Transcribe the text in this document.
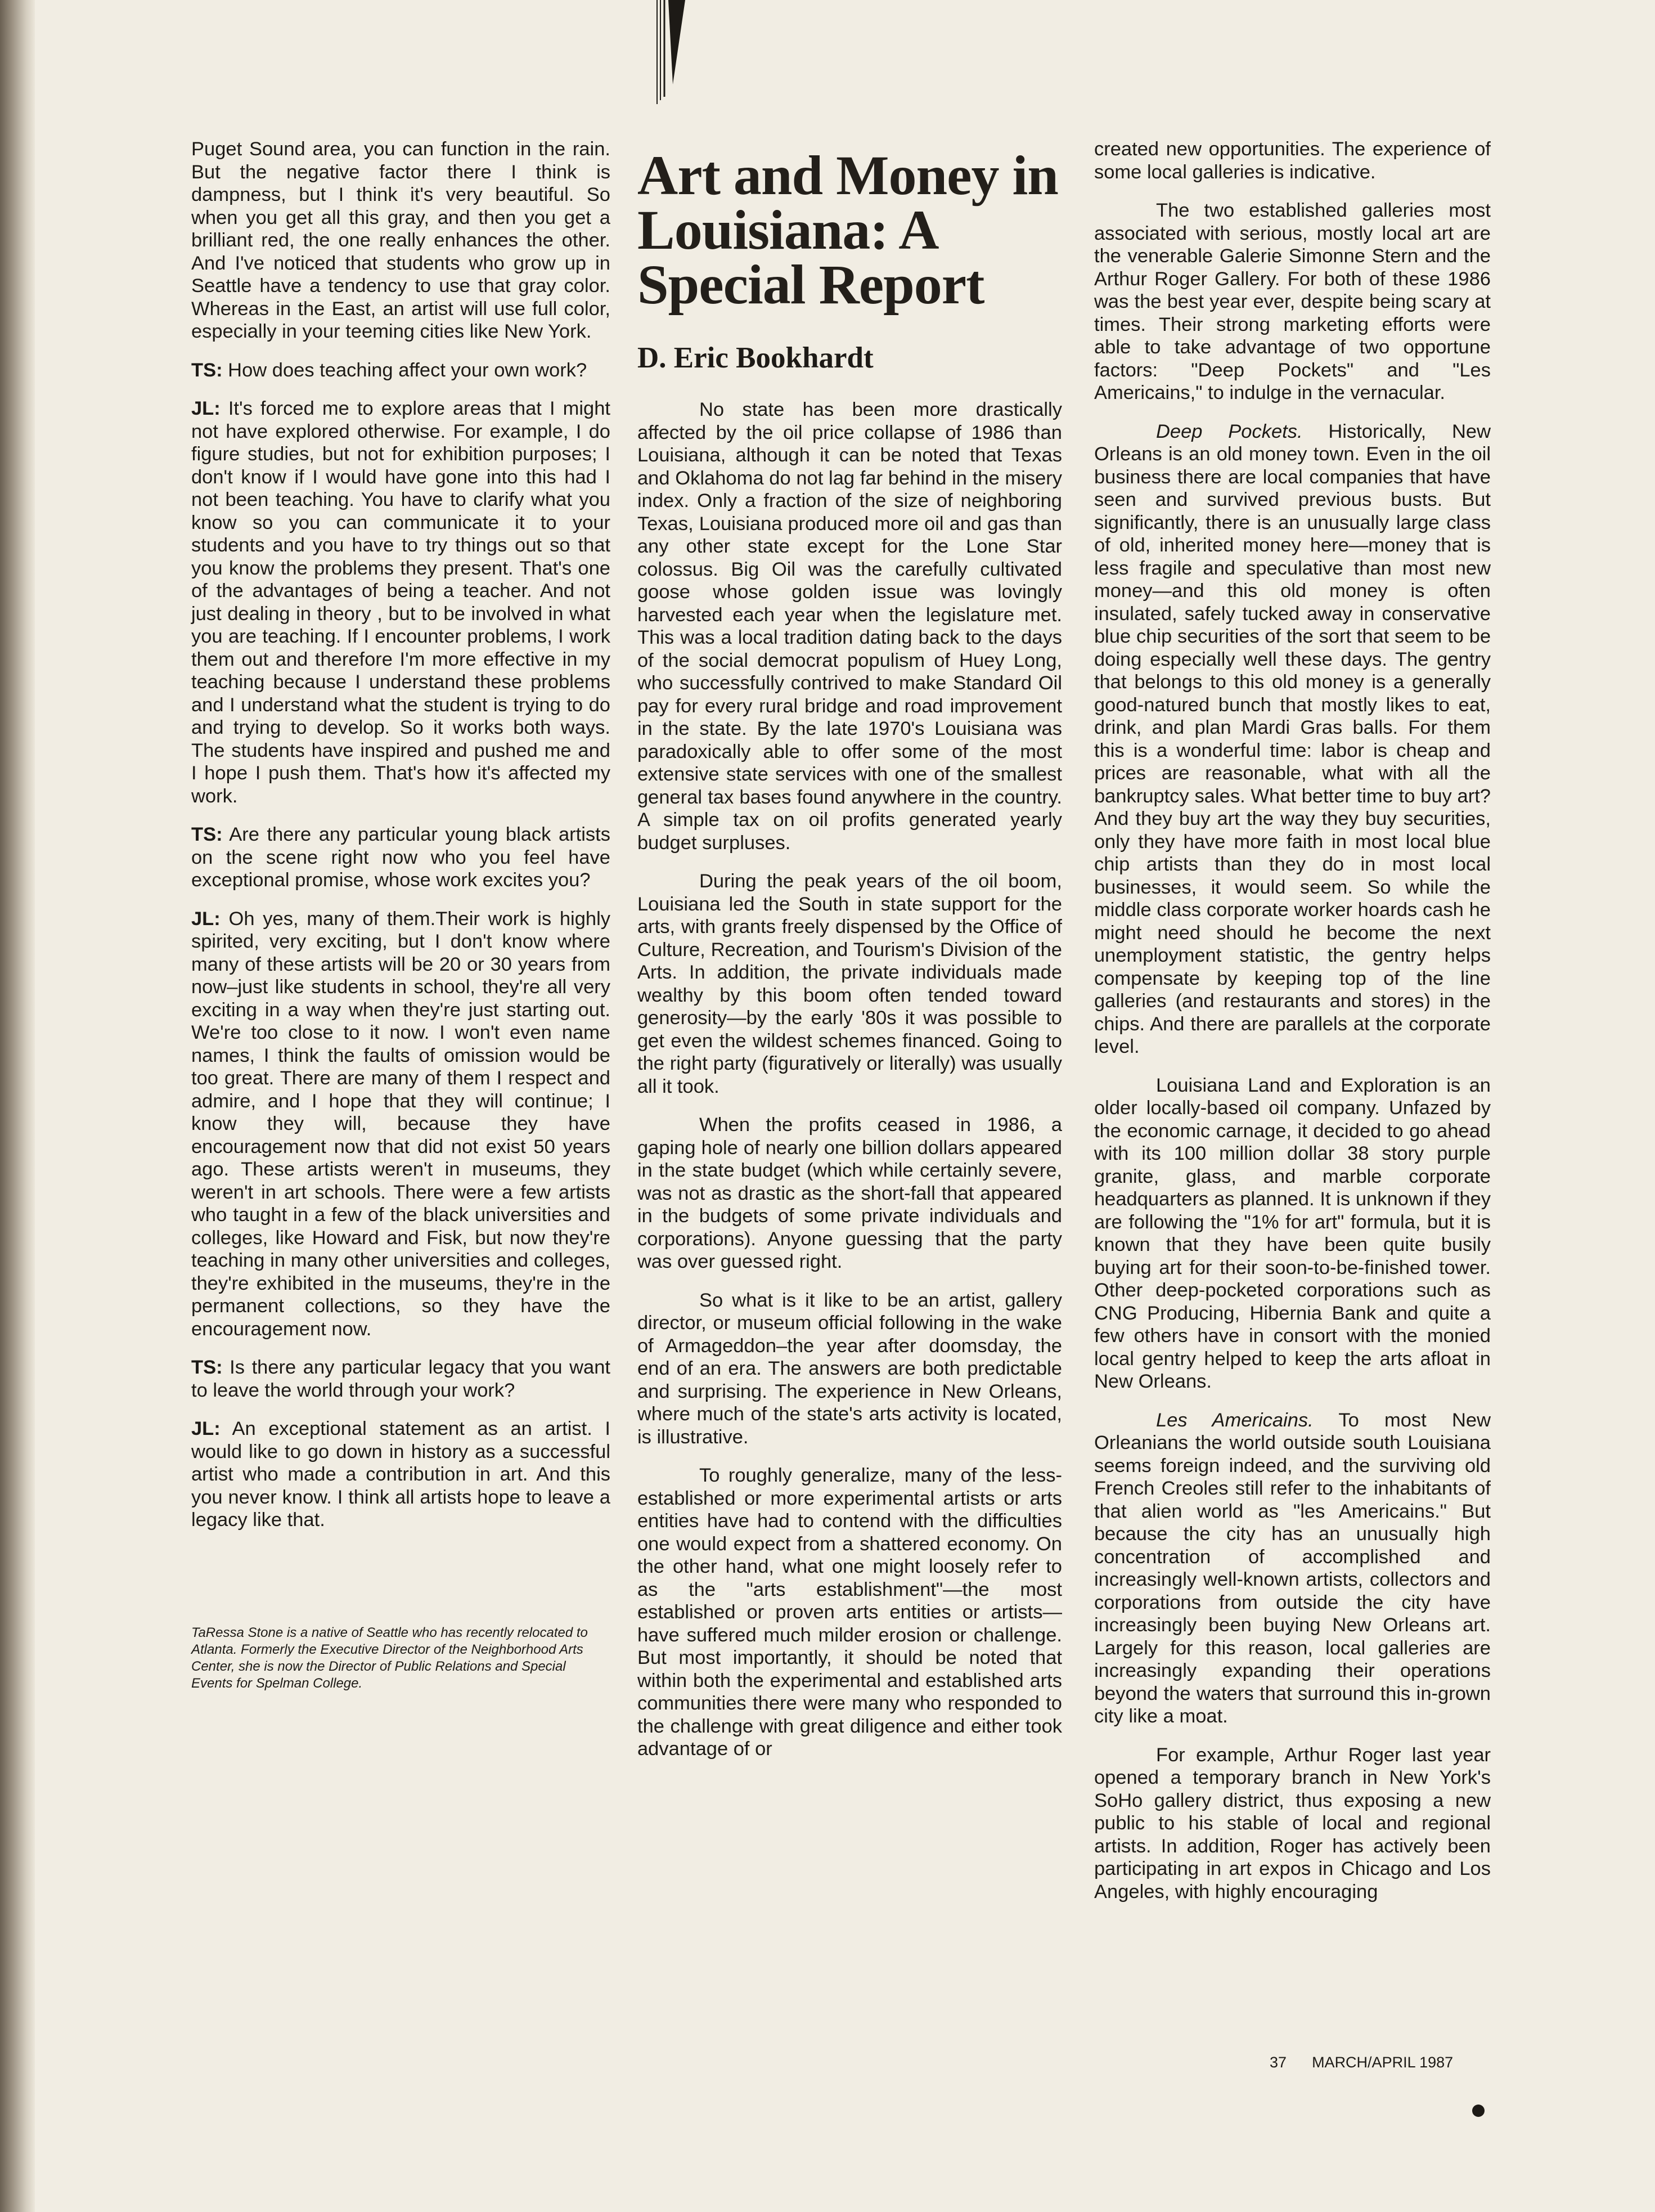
Puget Sound area, you can function in the rain. But the negative factor there I think is dampness, but I think it's very beautiful. So when you get all this gray, and then you get a brilliant red, the one really enhances the other. And I've noticed that students who grow up in Seattle have a tendency to use that gray color. Whereas in the East, an artist will use full color, especially in your teeming cities like New York.

TS: How does teaching affect your own work?

JL: It's forced me to explore areas that I might not have explored otherwise. For example, I do figure studies, but not for exhibition purposes; I don't know if I would have gone into this had I not been teaching. You have to clarify what you know so you can communicate it to your students and you have to try things out so that you know the problems they present. That's one of the advantages of being a teacher. And not just dealing in theory , but to be involved in what you are teaching. If I encounter problems, I work them out and therefore I'm more effective in my teaching because I understand these problems and I understand what the student is trying to do and trying to develop. So it works both ways. The students have inspired and pushed me and I hope I push them. That's how it's affected my work.

TS: Are there any particular young black artists on the scene right now who you feel have exceptional promise, whose work excites you?

JL: Oh yes, many of them.Their work is highly spirited, very exciting, but I don't know where many of these artists will be 20 or 30 years from now–just like students in school, they're all very exciting in a way when they're just starting out. We're too close to it now. I won't even name names, I think the faults of omission would be too great. There are many of them I respect and admire, and I hope that they will continue; I know they will, because they have encouragement now that did not exist 50 years ago. These artists weren't in museums, they weren't in art schools. There were a few artists who taught in a few of the black universities and colleges, like Howard and Fisk, but now they're teaching in many other universities and colleges, they're exhibited in the museums, they're in the permanent collections, so they have the encouragement now.

TS: Is there any particular legacy that you want to leave the world through your work?

JL: An exceptional statement as an artist. I would like to go down in history as a successful artist who made a contribution in art. And this you never know. I think all artists hope to leave a legacy like that.

TaRessa Stone is a native of Seattle who has recently relocated to Atlanta. Formerly the Executive Director of the Neighborhood Arts Center, she is now the Director of Public Relations and Special Events for Spelman College.

Art and Money in Louisiana: A Special Report
D. Eric Bookhardt

No state has been more drastically affected by the oil price collapse of 1986 than Louisiana, although it can be noted that Texas and Oklahoma do not lag far behind in the misery index. Only a fraction of the size of neighboring Texas, Louisiana produced more oil and gas than any other state except for the Lone Star colossus. Big Oil was the carefully cultivated goose whose golden issue was lovingly harvested each year when the legislature met. This was a local tradition dating back to the days of the social democrat populism of Huey Long, who successfully contrived to make Standard Oil pay for every rural bridge and road improvement in the state. By the late 1970's Louisiana was paradoxically able to offer some of the most extensive state services with one of the smallest general tax bases found anywhere in the country. A simple tax on oil profits generated yearly budget surpluses.

During the peak years of the oil boom, Louisiana led the South in state support for the arts, with grants freely dispensed by the Office of Culture, Recreation, and Tourism's Division of the Arts. In addition, the private individuals made wealthy by this boom often tended toward generosity—by the early '80s it was possible to get even the wildest schemes financed. Going to the right party (figuratively or literally) was usually all it took.

When the profits ceased in 1986, a gaping hole of nearly one billion dollars appeared in the state budget (which while certainly severe, was not as drastic as the short-fall that appeared in the budgets of some private individuals and corporations). Anyone guessing that the party was over guessed right.

So what is it like to be an artist, gallery director, or museum official following in the wake of Armageddon–the year after doomsday, the end of an era. The answers are both predictable and surprising. The experience in New Orleans, where much of the state's arts activity is located, is illustrative.

To roughly generalize, many of the less-established or more experimental artists or arts entities have had to contend with the difficulties one would expect from a shattered economy. On the other hand, what one might loosely refer to as the "arts establishment"—the most established or proven arts entities or artists—have suffered much milder erosion or challenge. But most importantly, it should be noted that within both the experimental and established arts communities there were many who responded to the challenge with great diligence and either took advantage of or

created new opportunities. The experience of some local galleries is indicative.

The two established galleries most associated with serious, mostly local art are the venerable Galerie Simonne Stern and the Arthur Roger Gallery. For both of these 1986 was the best year ever, despite being scary at times. Their strong marketing efforts were able to take advantage of two opportune factors: "Deep Pockets" and "Les Americains," to indulge in the vernacular.

Deep Pockets. Historically, New Orleans is an old money town. Even in the oil business there are local companies that have seen and survived previous busts. But significantly, there is an unusually large class of old, inherited money here—money that is less fragile and speculative than most new money—and this old money is often insulated, safely tucked away in conservative blue chip securities of the sort that seem to be doing especially well these days. The gentry that belongs to this old money is a generally good-natured bunch that mostly likes to eat, drink, and plan Mardi Gras balls. For them this is a wonderful time: labor is cheap and prices are reasonable, what with all the bankruptcy sales. What better time to buy art? And they buy art the way they buy securities, only they have more faith in most local blue chip artists than they do in most local businesses, it would seem. So while the middle class corporate worker hoards cash he might need should he become the next unemployment statistic, the gentry helps compensate by keeping top of the line galleries (and restaurants and stores) in the chips. And there are parallels at the corporate level.

Louisiana Land and Exploration is an older locally-based oil company. Unfazed by the economic carnage, it decided to go ahead with its 100 million dollar 38 story purple granite, glass, and marble corporate headquarters as planned. It is unknown if they are following the "1% for art" formula, but it is known that they have been quite busily buying art for their soon-to-be-finished tower. Other deep-pocketed corporations such as CNG Producing, Hibernia Bank and quite a few others have in consort with the monied local gentry helped to keep the arts afloat in New Orleans.

Les Americains. To most New Orleanians the world outside south Louisiana seems foreign indeed, and the surviving old French Creoles still refer to the inhabitants of that alien world as "les Americains." But because the city has an unusually high concentration of accomplished and increasingly well-known artists, collectors and corporations from outside the city have increasingly been buying New Orleans art. Largely for this reason, local galleries are increasingly expanding their operations beyond the waters that surround this in-grown city like a moat.

For example, Arthur Roger last year opened a temporary branch in New York's SoHo gallery district, thus exposing a new public to his stable of local and regional artists. In addition, Roger has actively been participating in art expos in Chicago and Los Angeles, with highly encouraging

37 MARCH/APRIL 1987
